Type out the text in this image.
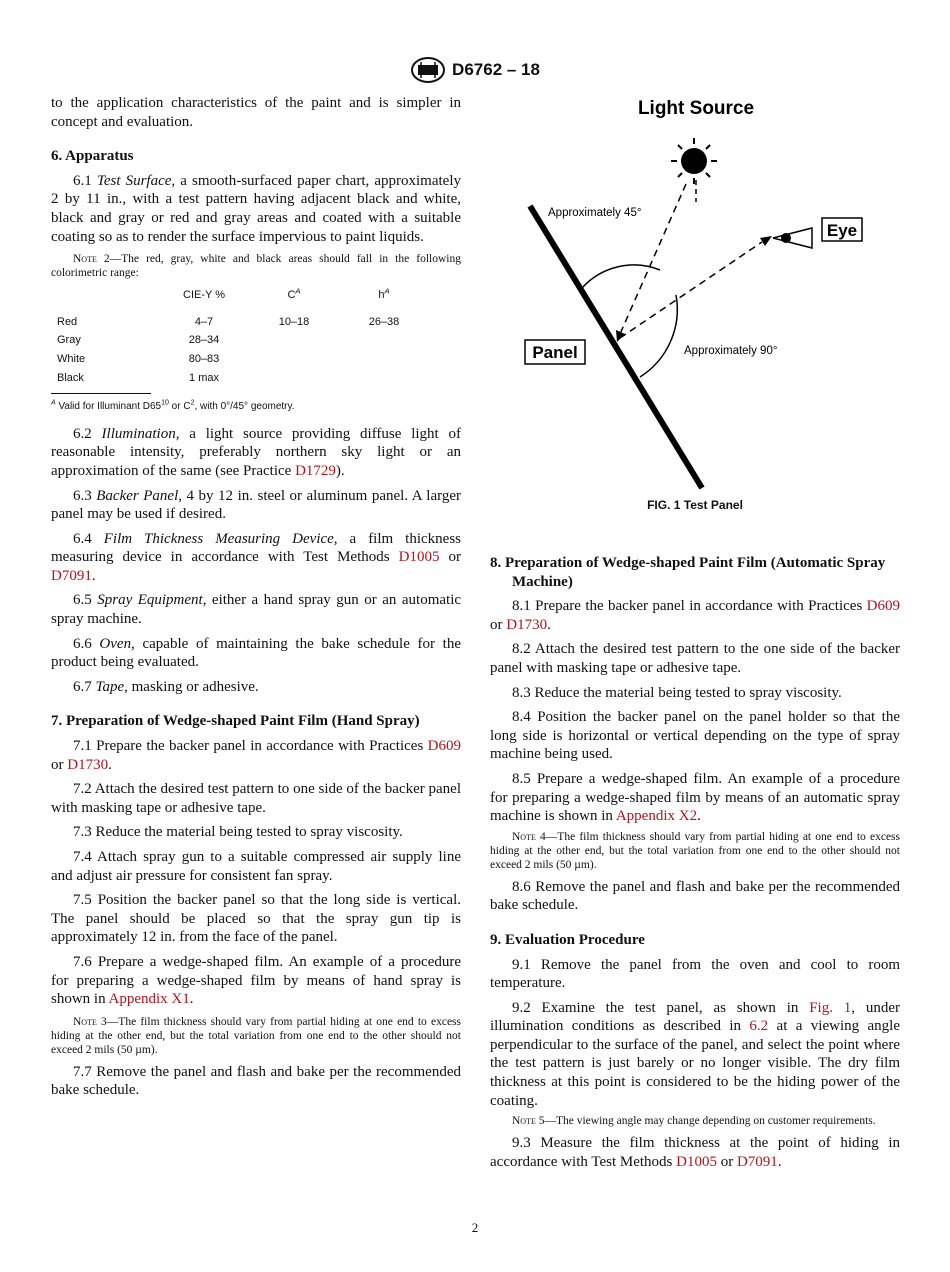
D6762 – 18

to the application characteristics of the paint and is simpler in concept and evaluation.

6. Apparatus

6.1 Test Surface, a smooth-surfaced paper chart, approximately 2 by 11 in., with a test pattern having adjacent black and white, black and gray or red and gray areas and coated with a suitable coating so as to render the surface impervious to paint liquids.

Note 2—The red, gray, white and black areas should fall in the following colorimetric range:

	CIE-Y %	$C^A$	$h^A$

Red	4–7	10–18	26–38
Gray	28–34		
White	80–83		
Black	1 max		

$^A$ Valid for Illuminant $D65^{10}$ or $C^2$, with 0°/45° geometry.

6.2 Illumination, a light source providing diffuse light of reasonable intensity, preferably northern sky light or an approximation of the same (see Practice D1729).

6.3 Backer Panel, 4 by 12 in. steel or aluminum panel. A larger panel may be used if desired.

6.4 Film Thickness Measuring Device, a film thickness measuring device in accordance with Test Methods D1005 or D7091.

6.5 Spray Equipment, either a hand spray gun or an automatic spray machine.

6.6 Oven, capable of maintaining the bake schedule for the product being evaluated.

6.7 Tape, masking or adhesive.

7. Preparation of Wedge-shaped Paint Film (Hand Spray)

7.1 Prepare the backer panel in accordance with Practices D609 or D1730.

7.2 Attach the desired test pattern to one side of the backer panel with masking tape or adhesive tape.

7.3 Reduce the material being tested to spray viscosity.

7.4 Attach spray gun to a suitable compressed air supply line and adjust air pressure for consistent fan spray.

7.5 Position the backer panel so that the long side is vertical. The panel should be placed so that the spray gun tip is approximately 12 in. from the face of the panel.

7.6 Prepare a wedge-shaped film. An example of a procedure for preparing a wedge-shaped film by means of hand spray is shown in Appendix X1.

Note 3—The film thickness should vary from partial hiding at one end to excess hiding at the other end, but the total variation from one end to the other should not exceed 2 mils (50 µm).

7.7 Remove the panel and flash and bake per the recommended bake schedule.

Light Source
Approximately 45°
Eye
Panel	Approximately 90°
FIG. 1 Test Panel

8. Preparation of Wedge-shaped Paint Film (Automatic Spray Machine)

8.1 Prepare the backer panel in accordance with Practices D609 or D1730.

8.2 Attach the desired test pattern to the one side of the backer panel with masking tape or adhesive tape.

8.3 Reduce the material being tested to spray viscosity.

8.4 Position the backer panel on the panel holder so that the long side is horizontal or vertical depending on the type of spray machine being used.

8.5 Prepare a wedge-shaped film. An example of a procedure for preparing a wedge-shaped film by means of an automatic spray machine is shown in Appendix X2.

Note 4—The film thickness should vary from partial hiding at one end to excess hiding at the other end, but the total variation from one end to the other should not exceed 2 mils (50 µm).

8.6 Remove the panel and flash and bake per the recommended bake schedule.

9. Evaluation Procedure

9.1 Remove the panel from the oven and cool to room temperature.

9.2 Examine the test panel, as shown in Fig. 1, under illumination conditions as described in 6.2 at a viewing angle perpendicular to the surface of the panel, and select the point where the test pattern is just barely or no longer visible. The dry film thickness at this point is considered to be the hiding power of the coating.

Note 5—The viewing angle may change depending on customer requirements.

9.3 Measure the film thickness at the point of hiding in accordance with Test Methods D1005 or D7091.

2
